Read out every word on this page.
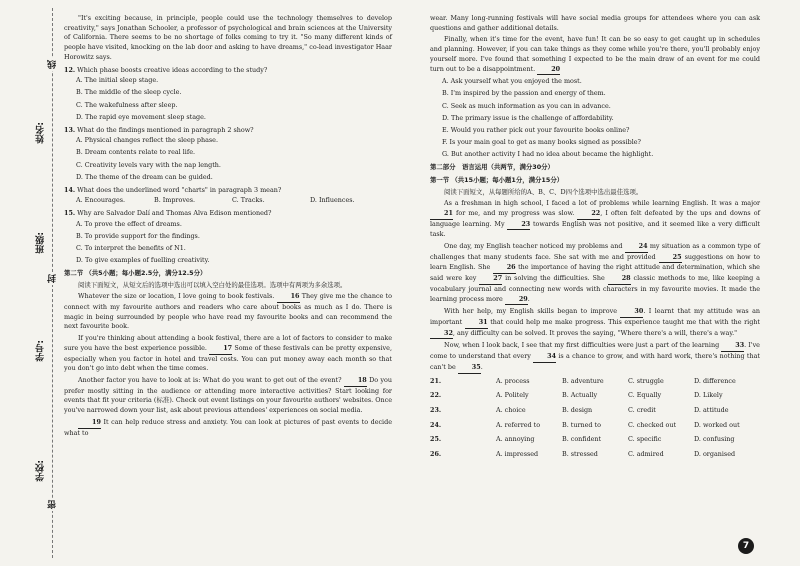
姓名:
班级:
学号:
学校:
线
封
密

"It's exciting because, in principle, people could use the technology themselves to develop creativity," says Jonathan Schooler, a professor of psychological and brain sciences at the University of California. There seems to be no shortage of folks coming to try it. "So many different kinds of people have visited, knocking on the lab door and asking to have dreams," co-lead investigator Haar Horowitz says.

12. Which phase boosts creative ideas according to the study?
A. The initial sleep stage.
B. The middle of the sleep cycle.
C. The wakefulness after sleep.
D. The rapid eye movement sleep stage.
13. What do the findings mentioned in paragraph 2 show?
A. Physical changes reflect the sleep phase.
B. Dream contents relate to real life.
C. Creativity levels vary with the nap length.
D. The theme of the dream can be guided.
14. What does the underlined word "charts" in paragraph 3 mean?
A. Encourages.	B. Improves.	C. Tracks.	D. Influences.
15. Why are Salvador Dalí and Thomas Alva Edison mentioned?
A. To prove the effect of dreams.
B. To provide support for the findings.
C. To interpret the benefits of N1.
D. To give examples of fuelling creativity.
第二节 （共5小题；每小题2.5分，满分12.5分）

阅读下面短文，从短文后的选项中选出可以填入空白处的最佳选项。选项中有两项为多余选项。

Whatever the size or location, I love going to book festivals.	16 They give me the chance to connect with my favourite authors and readers who care about books as much as I do. There is magic in being surrounded by people who have read my favourite books and can recommend the next favourite book.

If you're thinking about attending a book festival, there are a lot of factors to consider to make sure you have the best experience possible.	17 Some of these festivals can be pretty expensive, especially when you factor in hotel and travel costs. You can put money away each month so that you don't go into debt when the time comes.

Another factor you have to look at is: What do you want to get out of the event?	18 Do you prefer mostly sitting in the audience or attending more interactive activities? Start looking for events that fit your criteria (标准). Check out event listings on your favourite authors' websites. Once you've narrowed down your list, ask about previous attendees' experiences on social media.

19 It can help reduce stress and anxiety. You can look at pictures of past events to decide what to

wear. Many long-running festivals will have social media groups for attendees where you can ask questions and gather additional details.

Finally, when it's time for the event, have fun! It can be so easy to get caught up in schedules and planning. However, if you can take things as they come while you're there, you'll probably enjoy yourself more. I've found that something I expected to be the main draw of an event for me could turn out to be a disappointment.	20

A. Ask yourself what you enjoyed the most.
B. I'm inspired by the passion and energy of them.
C. Seek as much information as you can in advance.
D. The primary issue is the challenge of affordability.
E. Would you rather pick out your favourite books online?
F. Is your main goal to get as many books signed as possible?
G. But another activity I had no idea about became the highlight.
第二部分　语言运用（共两节，满分30分）
第一节 （共15小题；每小题1分，满分15分）

阅读下面短文，从每题所给的A、B、C、D四个选项中选出最佳选项。

As a freshman in high school, I faced a lot of problems while learning English. It was a major 21 for me, and my progress was slow.	22, I often felt defeated by the ups and downs of language learning. My	23 towards English was not positive, and it seemed like a very difficult task.

One day, my English teacher noticed my problems and	24 my situation as a common type of challenges that many students face. She sat with me and provided	25 suggestions on how to learn English. She	26 the importance of having the right attitude and determination, which she said were key	27 in solving the difficulties. She	28 classic methods to me, like keeping a vocabulary journal and connecting new words with characters in my favourite movies. It made the learning process more	29.

With her help, my English skills began to improve	30. I learnt that my attitude was an important	31 that could help me make progress. This experience taught me that with the right 32, any difficulty can be solved. It proves the saying, "Where there's a will, there's a way."

Now, when I look back, I see that my first difficulties were just a part of the learning	33. I've come to understand that every	34 is a chance to grow, and with hard work, there's nothing that can't be	35.

21.	A. process	B. adventure	C. struggle	D. difference
22.	A. Politely	B. Actually	C. Equally	D. Likely
23.	A. choice	B. design	C. credit	D. attitude
24.	A. referred to	B. turned to	C. checked out	D. worked out
25.	A. annoying	B. confident	C. specific	D. confusing
26.	A. impressed	B. stressed	C. admired	D. organised
7
